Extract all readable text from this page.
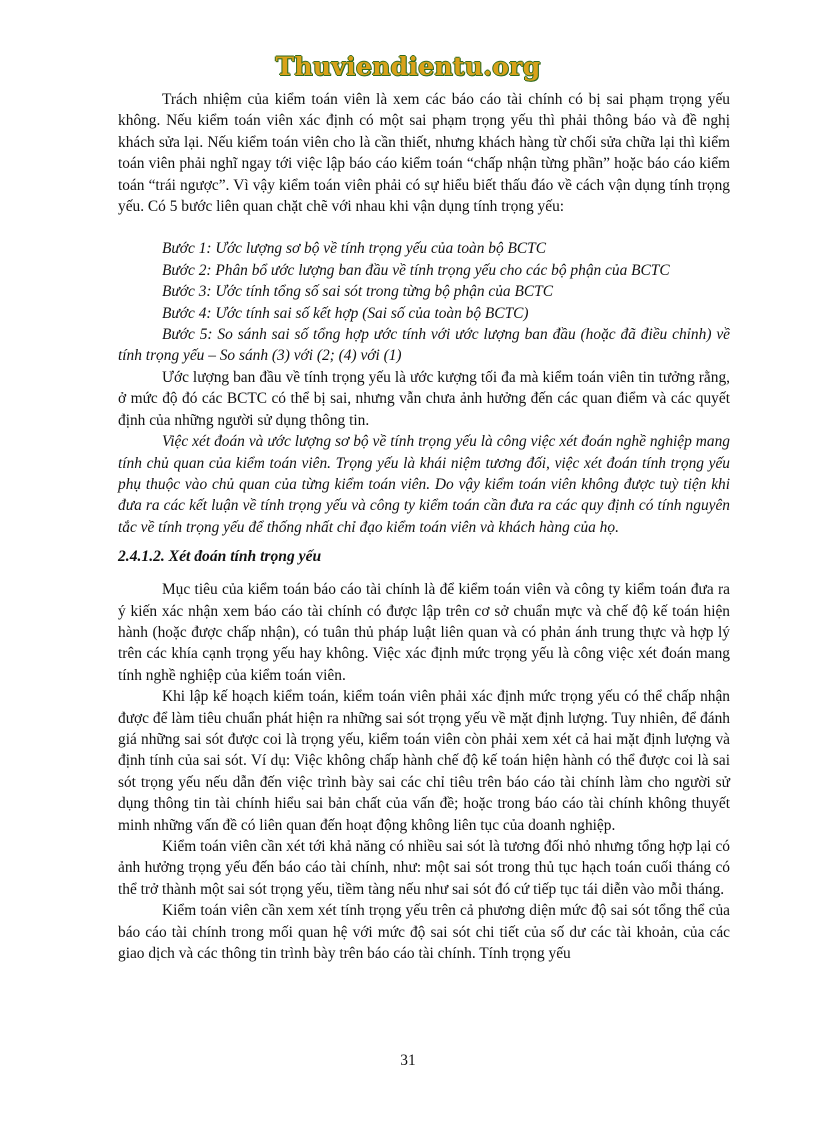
Thuviendientu.org

Trách nhiệm của kiểm toán viên là xem các báo cáo tài chính có bị sai phạm trọng yếu không. Nếu kiểm toán viên xác định có một sai phạm trọng yếu thì phải thông báo và đề nghị khách sửa lại. Nếu kiểm toán viên cho là cần thiết, nhưng khách hàng từ chối sửa chữa lại thì kiểm toán viên phải nghĩ ngay tới việc lập báo cáo kiểm toán “chấp nhận từng phần” hoặc báo cáo kiểm toán “trái ngược”. Vì vậy kiểm toán viên phải có sự hiểu biết thấu đáo về cách vận dụng tính trọng yếu. Có 5 bước liên quan chặt chẽ với nhau khi vận dụng tính trọng yếu:

Bước 1: Ước lượng sơ bộ về tính trọng yếu của toàn bộ BCTC

Bước 2: Phân bổ ước lượng ban đầu về tính trọng yếu cho các bộ phận của BCTC

Bước 3: Ước tính tổng số sai sót trong từng bộ phận của BCTC

Bước 4: Ước tính sai số kết hợp (Sai số của toàn bộ BCTC)

Bước 5: So sánh sai số tổng hợp ước tính với ước lượng ban đầu (hoặc đã điều chỉnh) về tính trọng yếu – So sánh (3) với (2; (4) với (1)

Ước lượng ban đầu về tính trọng yếu là ước kượng tối đa mà kiểm toán viên tin tưởng rằng, ở mức độ đó các BCTC có thể bị sai, nhưng vẫn chưa ảnh hưởng đến các quan điểm và các quyết định của những người sử dụng thông tin.

Việc xét đoán và ước lượng sơ bộ về tính trọng yếu là công việc xét đoán nghề nghiệp mang tính chủ quan của kiểm toán viên. Trọng yếu là khái niệm tương đối, việc xét đoán tính trọng yếu phụ thuộc vào chủ quan của từng kiểm toán viên. Do vậy kiểm toán viên không được tuỳ tiện khi đưa ra các kết luận về tính trọng yếu và công ty kiểm toán cần đưa ra các quy định có tính nguyên tắc về tính trọng yếu để thống nhất chỉ đạo kiểm toán viên và khách hàng của họ.

2.4.1.2. Xét đoán tính trọng yếu

Mục tiêu của kiểm toán báo cáo tài chính là để kiểm toán viên và công ty kiểm toán đưa ra ý kiến xác nhận xem báo cáo tài chính có được lập trên cơ sở chuẩn mực và chế độ kế toán hiện hành (hoặc được chấp nhận), có tuân thủ pháp luật liên quan và có phản ánh trung thực và hợp lý trên các khía cạnh trọng yếu hay không. Việc xác định mức trọng yếu là công việc xét đoán mang tính nghề nghiệp của kiểm toán viên.

Khi lập kế hoạch kiểm toán, kiểm toán viên phải xác định mức trọng yếu có thể chấp nhận được để làm tiêu chuẩn phát hiện ra những sai sót trọng yếu về mặt định lượng. Tuy nhiên, để đánh giá những sai sót được coi là trọng yếu, kiểm toán viên còn phải xem xét cả hai mặt định lượng và định tính của sai sót. Ví dụ: Việc không chấp hành chế độ kế toán hiện hành có thể được coi là sai sót trọng yếu nếu dẫn đến việc trình bày sai các chỉ tiêu trên báo cáo tài chính làm cho người sử dụng thông tin tài chính hiểu sai bản chất của vấn đề; hoặc trong báo cáo tài chính không thuyết minh những vấn đề có liên quan đến hoạt động không liên tục của doanh nghiệp.

Kiểm toán viên cần xét tới khả năng có nhiều sai sót là tương đối nhỏ nhưng tổng hợp lại có ảnh hưởng trọng yếu đến báo cáo tài chính, như: một sai sót trong thủ tục hạch toán cuối tháng có thể trở thành một sai sót trọng yếu, tiềm tàng nếu như sai sót đó cứ tiếp tục tái diễn vào mỗi tháng.

Kiểm toán viên cần xem xét tính trọng yếu trên cả phương diện mức độ sai sót tổng thể của báo cáo tài chính trong mối quan hệ với mức độ sai sót chi tiết của số dư các tài khoản, của các giao dịch và các thông tin trình bày trên báo cáo tài chính. Tính trọng yếu

31
